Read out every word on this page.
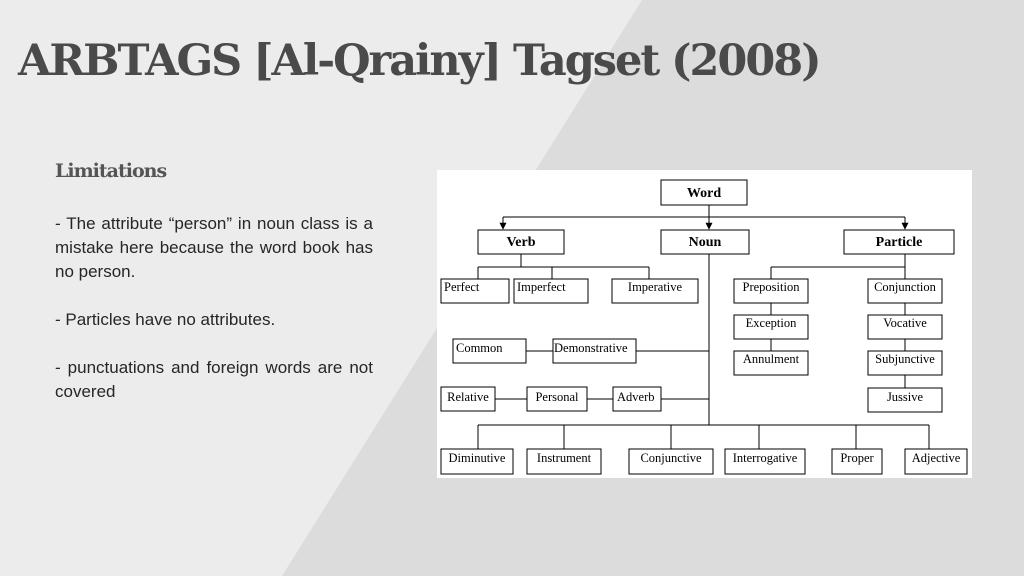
ARBTAGS [Al-Qrainy] Tagset (2008)
Limitations

- The attribute “person” in noun class is a mistake here because the word book has no person.

- Particles have no attributes.

- punctuations and foreign words are not covered

Word
Verb	Noun	Particle
Perfect	Imperfect	Imperative
Common	Demonstrative
Relative	Personal	Adverb
Diminutive	Instrument	Conjunctive Interrogative	Proper	Adjective
Preposition
Exception
Annulment
Conjunction
Vocative
Subjunctive
Jussive
